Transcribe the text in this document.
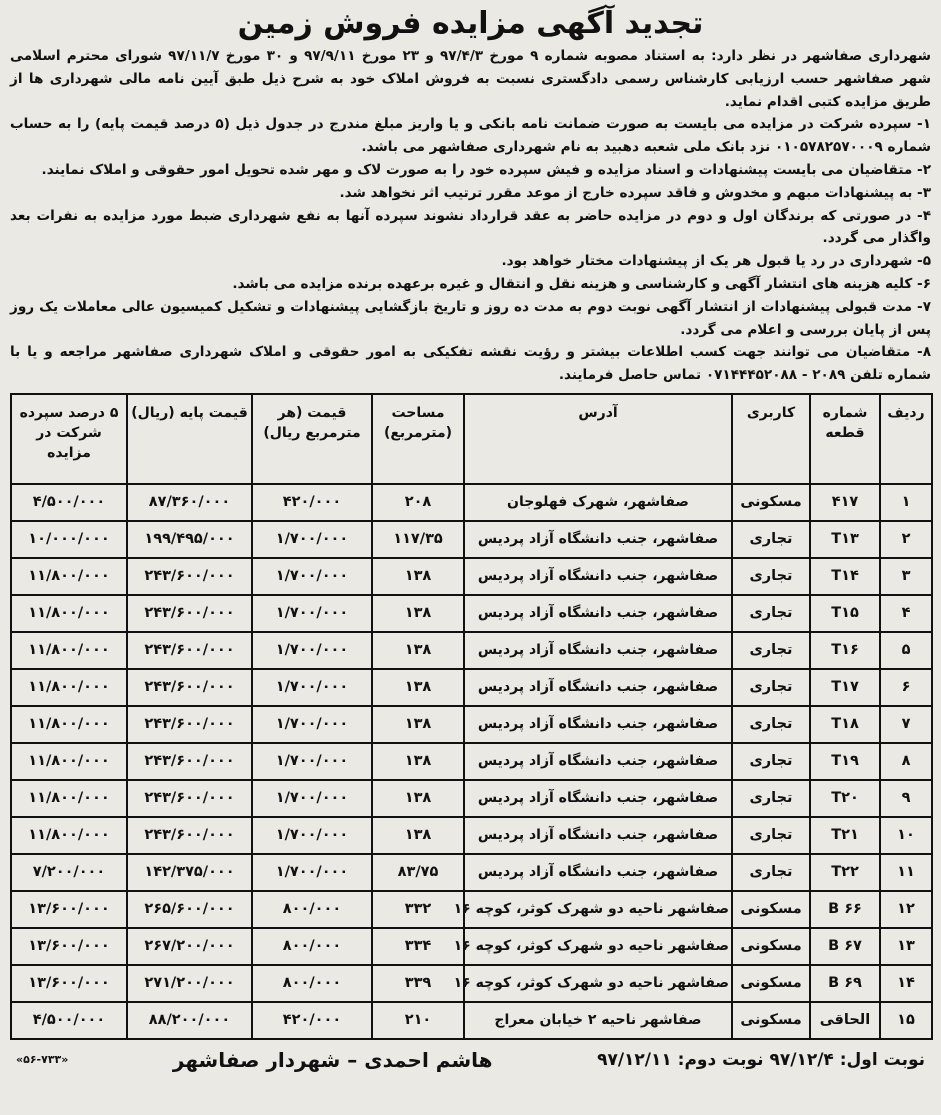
تجدید آگهی مزایده فروش زمین

شهرداری صفاشهر در نظر دارد: به استناد مصوبه شماره ۹ مورخ ۹۷/۴/۳ و ۲۳ مورخ ۹۷/۹/۱۱ و ۳۰ مورخ ۹۷/۱۱/۷ شورای محترم اسلامی شهر صفاشهر حسب ارزیابی کارشناس رسمی دادگستری نسبت به فروش املاک خود به شرح ذیل طبق آیین نامه مالی شهرداری ها از طریق مزایده کتبی اقدام نماید.

۱- سپرده شرکت در مزایده می بایست به صورت ضمانت نامه بانکی و یا واریز مبلغ مندرج در جدول ذیل (۵ درصد قیمت پایه) را به حساب شماره ۰۱۰۵۷۸۲۵۷۰۰۰۹ نزد بانک ملی شعبه دهبید به نام شهرداری صفاشهر می باشد.

۲- متقاضیان می بایست پیشنهادات و اسناد مزایده و فیش سپرده خود را به صورت لاک و مهر شده تحویل امور حقوقی و املاک نمایند.

۳- به پیشنهادات مبهم و مخدوش و فاقد سپرده خارج از موعد مقرر ترتیب اثر نخواهد شد.

۴- در صورتی که برندگان اول و دوم در مزایده حاضر به عقد قرارداد نشوند سپرده آنها به نفع شهرداری ضبط مورد مزایده به نفرات بعد واگذار می گردد.

۵- شهرداری در رد یا قبول هر یک از پیشنهادات مختار خواهد بود.

۶- کلیه هزینه های انتشار آگهی و کارشناسی و هزینه نقل و انتقال و غیره برعهده برنده مزایده می باشد.

۷- مدت قبولی پیشنهادات از انتشار آگهی نوبت دوم به مدت ده روز و تاریخ بازگشایی پیشنهادات و تشکیل کمیسیون عالی معاملات یک روز پس از پایان بررسی و اعلام می گردد.

۸- متقاضیان می توانند جهت کسب اطلاعات بیشتر و رؤیت نقشه تفکیکی به امور حقوقی و املاک شهرداری صفاشهر مراجعه و یا با شماره تلفن ۲۰۸۹ - ۰۷۱۴۴۴۵۲۰۸۸ تماس حاصل فرمایند.

ردیف	شماره قطعه	کاربری	آدرس	مساحت (مترمربع)	قیمت (هر مترمربع ریال)	قیمت پایه (ریال)	۵ درصد سپرده شرکت در مزایده
۱	۴۱۷	مسکونی	صفاشهر، شهرک فهلوجان	۲۰۸	۴۲۰/۰۰۰	۸۷/۳۶۰/۰۰۰	۴/۵۰۰/۰۰۰
۲	T۱۳	تجاری	صفاشهر، جنب دانشگاه آزاد پردیس	۱۱۷/۳۵	۱/۷۰۰/۰۰۰	۱۹۹/۴۹۵/۰۰۰	۱۰/۰۰۰/۰۰۰
۳	T۱۴	تجاری	صفاشهر، جنب دانشگاه آزاد پردیس	۱۳۸	۱/۷۰۰/۰۰۰	۲۴۳/۶۰۰/۰۰۰	۱۱/۸۰۰/۰۰۰
۴	T۱۵	تجاری	صفاشهر، جنب دانشگاه آزاد پردیس	۱۳۸	۱/۷۰۰/۰۰۰	۲۴۳/۶۰۰/۰۰۰	۱۱/۸۰۰/۰۰۰
۵	T۱۶	تجاری	صفاشهر، جنب دانشگاه آزاد پردیس	۱۳۸	۱/۷۰۰/۰۰۰	۲۴۳/۶۰۰/۰۰۰	۱۱/۸۰۰/۰۰۰
۶	T۱۷	تجاری	صفاشهر، جنب دانشگاه آزاد پردیس	۱۳۸	۱/۷۰۰/۰۰۰	۲۴۳/۶۰۰/۰۰۰	۱۱/۸۰۰/۰۰۰
۷	T۱۸	تجاری	صفاشهر، جنب دانشگاه آزاد پردیس	۱۳۸	۱/۷۰۰/۰۰۰	۲۴۳/۶۰۰/۰۰۰	۱۱/۸۰۰/۰۰۰
۸	T۱۹	تجاری	صفاشهر، جنب دانشگاه آزاد پردیس	۱۳۸	۱/۷۰۰/۰۰۰	۲۴۳/۶۰۰/۰۰۰	۱۱/۸۰۰/۰۰۰
۹	T۲۰	تجاری	صفاشهر، جنب دانشگاه آزاد پردیس	۱۳۸	۱/۷۰۰/۰۰۰	۲۴۳/۶۰۰/۰۰۰	۱۱/۸۰۰/۰۰۰
۱۰	T۲۱	تجاری	صفاشهر، جنب دانشگاه آزاد پردیس	۱۳۸	۱/۷۰۰/۰۰۰	۲۴۳/۶۰۰/۰۰۰	۱۱/۸۰۰/۰۰۰
۱۱	T۲۲	تجاری	صفاشهر، جنب دانشگاه آزاد پردیس	۸۳/۷۵	۱/۷۰۰/۰۰۰	۱۴۲/۳۷۵/۰۰۰	۷/۲۰۰/۰۰۰
۱۲	B ۶۶	مسکونی	صفاشهر ناحیه دو شهرک کوثر، کوچه ۱۶	۳۳۲	۸۰۰/۰۰۰	۲۶۵/۶۰۰/۰۰۰	۱۳/۶۰۰/۰۰۰
۱۳	B ۶۷	مسکونی	صفاشهر ناحیه دو شهرک کوثر، کوچه ۱۶	۳۳۴	۸۰۰/۰۰۰	۲۶۷/۲۰۰/۰۰۰	۱۳/۶۰۰/۰۰۰
۱۴	B ۶۹	مسکونی	صفاشهر ناحیه دو شهرک کوثر، کوچه ۱۶	۳۳۹	۸۰۰/۰۰۰	۲۷۱/۲۰۰/۰۰۰	۱۳/۶۰۰/۰۰۰
۱۵	الحاقی	مسکونی	صفاشهر ناحیه ۲ خیابان معراج	۲۱۰	۴۲۰/۰۰۰	۸۸/۲۰۰/۰۰۰	۴/۵۰۰/۰۰۰
نوبت اول: ۹۷/۱۲/۴ نوبت دوم: ۹۷/۱۲/۱۱
هاشم احمدی – شهردار صفاشهر
«۵۶-۷۳۳»
